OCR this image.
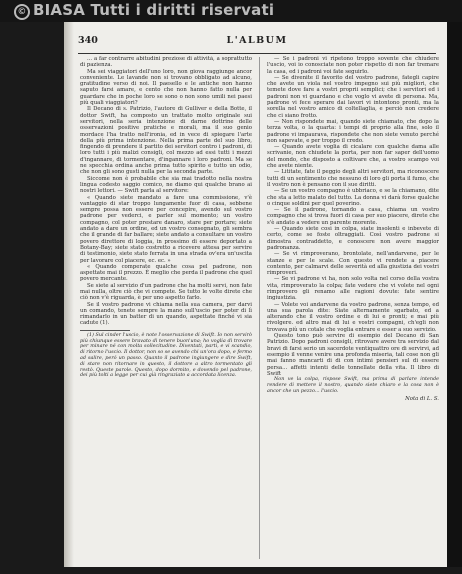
© BIASA Tutti i diritti riservati
340	L'ALBUM

... a far contrarre abitudini preziose di attività, a soprattutto di pazienza.

Ma sei viaggiatori dell'uno loro, non giova raggiunge ancor conveniente. Le lavande non si trovano obbligato ad alcuno, gratitudine verso di noi. Il paesello e le antiche non hanno saputo farsi amare, e cento che non hanno fatto nulla per guardare che in poche loro se sono o non sono umili nei paesi più quali viaggiatori?

Il Decano di s. Patrizio, l'autore di Gulliver e della Botte, il dottor Swift, ha composto un trattato molto originale sui servitori, nella seria intenzione di darne dottrine delle osservazioni positive pratiche e morali, ma il suo genio mordace l'ha tratto nell'ironia, ed in vece di spiegare l'arte della più prima intenzione. Nella prima parte del suo libro, fingendo di prendere il partito dei servitori contro i padroni, di loro tutti i più malizi consigli, col mezzo ad essi tutti i mezzi d'ingannare, di tormentare, d'ingannare i loro padroni. Ma se ne specchia ordina anche prima tutto spirito e tutto un odio, che non gli sono gusti nulla per la seconda parte.

Siccome non è probabile che sia mai tradotto nella nostra lingua codesto saggio comico, ne diamo qui qualche brano ai nostri lettori. — Swift parla al servitore:

« Quando siete mandato a fare una commissione, v'è vantaggio di star troppo lungamente fuor di casa, sebbene sempre possa non essere per concepire, avendo sul vostro padrone per vederci, e parler sul momento; un vostro compagno, col poter prestare danaro, stare per portare; siete andato a dare un ordine, ed un vostro consegnato, gli sembra che il grande di far ballare; siete andato a consultare un vostro povero direttore di loggia, in prossimo di essere deportato a Botany-Bay; siete stato costretto a ricevere attesa per servire di testimonio, siete stato ferrata in una strada ov'era un'uscita per lavorare col piacere, ec. ec. »

« Quando comperate qualche cosa pel padrone, non aspettate mai il prezzo. È meglio che perda il padrone che quel povero mercante.

Se siete al servizio d'un padrone che ha molti servi, non fate mai nulla, oltre ciò che vi compete. Se tutto le volte direte che ciò non v'è riguarda, è per uno aspetto farlo.

Se il vostro padrone vi chiama nella sua camera, per darvi un comando, tenete sempre la mano sull'uscio per poter di lì rimandarlo in un batter di un quando, aspettate finché vi sia cadute (1).

(1) Sul cinder l'uscio, è note l'osservazione di Swift. Io non servirò più chiunque essere bravato di tenere buon'una; ho voglia di trovare per minare né con molta sollecitudine. Diventati, parti, e vi scandio, di ritorno l'uscio. Il dottor, non so se avendo chi un'ora dopo, e fermo ad salire, peró un passo. Quanto il padrone ingiungere e dire Swift, di stare non ritornare in questo, il dottore a altro tormentato gli restò. Queste parole. Questo, dopo dormito, e dovendo pel padrone, dei più tolti a legge per cui già ringraziato a accordata licenza.

— Se i padroni vi ripetono troppo sovente che chiudere l'uscio, voi io conosciate non poter rispetto di non far tremare la casa, ed i padroni voi fate seguirlo.

— Se divenite il favorito del vostro padrone, fategli capire che avete un viola nel vostro impegno sui più migliori, che temete dove fare a vostri proprii semplici; che i servitori ed i padroni non vi guardano e che voglo vi avete di persona. Ma, padrone vi fece sperare dai lavori vi intontono pronti, ma la sorella nel vostro amico di coltellaglia, e perciò non credere che ci siano frotto.

— Non rispondete mai, quando siete chiamato, che dopo la terza volta, o la quarta: i tempi di proprio alla fine, solo il padrone vi impaurava, rispondete che non siete venuto perché non sapevate, e per troppo il credo.

— Quando avete voglia di cicalare con qualche dama alle scrivanie, non chiudete la porta, per non far saper dell'uomo del mondo, che disposto a coltivare che, a vostro scampo voi che avete niente.

— Lititate, fate il peggio degli altri servitori, ma riconoscere tutti di un sentimento che nessuno di loro gli porta il fumo, che il vostro non è pensano con il sue diritti.

— Se un vostro compagno è ubbriaco, e se la chiamano, dite che sta a letto malato del tutto. La donna vi darà forse qualche o cinque soldini per quel poverino.

— Se il padrone, tornando a casa, chiama un vostro compagno che si trova fuori di casa per suo piacere, direte che s'è andato a vedere un parente morente.

— Quando siete cosi in colpa, siate insolenti e inbevete di certo, come se foste oltraggiati. Così vostro padrone si dimostra contraddetto, e conoscere non avere maggior padronanza.

— Se vi rimproverano, brontolate, nell'andarvene, per le stanze e per le scale. Con questo vi rendete a piacere contento, per calmarvi delle severità ed alla giustizia dei vostri rimproveri.

— Se vi padrone vi ha, non solo volta nel corso della vostra vita, rimproverato la colpa; fate vedere che vi volete nel ogni rimprovero gli renamo alle ragioni dovute: fate sentire ingiustizia.

— Volete voi andarvene da vostro padrone, senza tempo, ed una sua parola dite: Siate alternamente sgarbato, ed a alterando che il vostro ordine e di lui e pronti; e mai più rivolgere. ed altro mai di lui e vostri compagni, ch'egli non trovava più un cotale che voglia entrare e esser a suo servizio.

Questo tono può servire di esempio del Decano di San Patrizio. Dopo padroni consigli, ritrovare avere tra servizio dal bravi di farsi serio un sacerdote ventiquattro ore di servirvi, ad esempio il venne venire una profonda miseria, tali cose non gli mai fanno mancarti di di con intimi pensieri sul di essere persa... affetti intenti delle tonnellate della vita. Il libro di Swift

Non ve la colpa, rispose Swift, ma prima di parlare intende rendere di mettere il nostro, quando siete chiaro e la cosa non è ancor che un pezzo... l'uscio.

Nota di L. S.
